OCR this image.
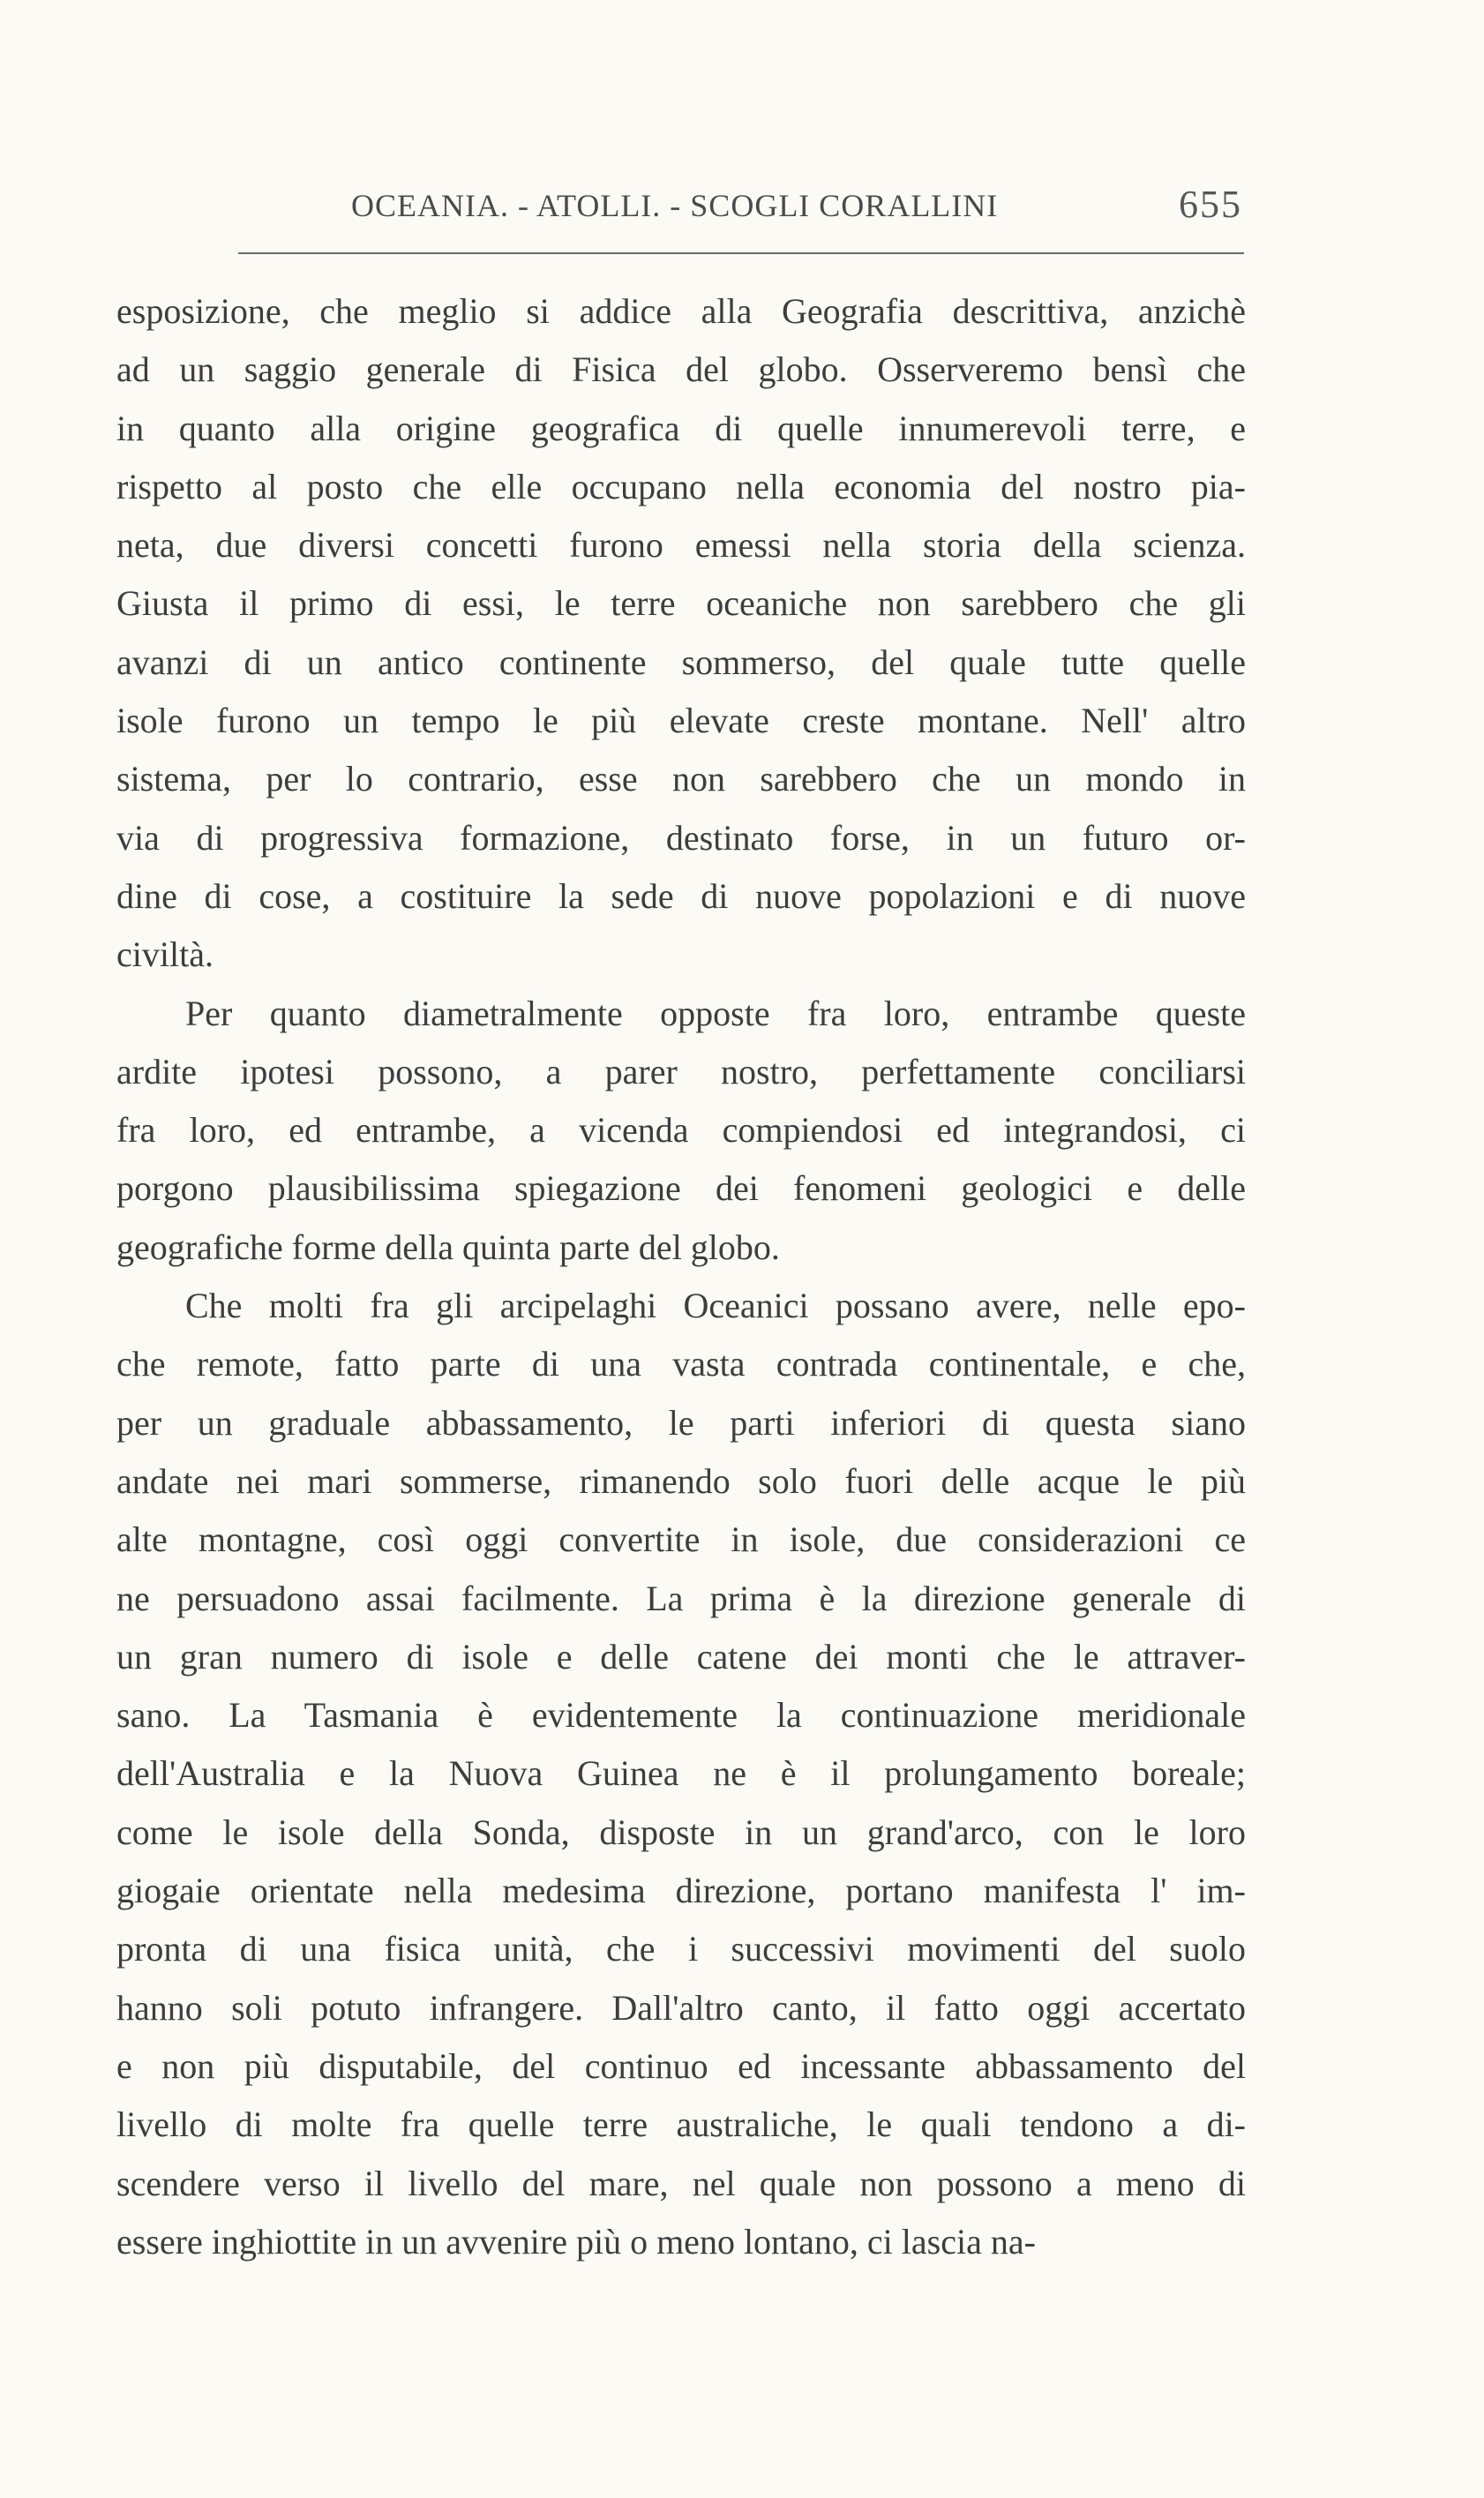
OCEANIA. - ATOLLI. - SCOGLI CORALLINI	655
esposizione, che meglio si addice alla Geografia descrittiva, anzichè
ad un saggio generale di Fisica del globo. Osserveremo bensì che
in quanto alla origine geografica di quelle innumerevoli terre, e
rispetto al posto che elle occupano nella economia del nostro pia-
neta, due diversi concetti furono emessi nella storia della scienza.
Giusta il primo di essi, le terre oceaniche non sarebbero che gli
avanzi di un antico continente sommerso, del quale tutte quelle
isole furono un tempo le più elevate creste montane. Nell' altro
sistema, per lo contrario, esse non sarebbero che un mondo in
via di progressiva formazione, destinato forse, in un futuro or-
dine di cose, a costituire la sede di nuove popolazioni e di nuove
civiltà.
Per quanto diametralmente opposte fra loro, entrambe queste
ardite ipotesi possono, a parer nostro, perfettamente conciliarsi
fra loro, ed entrambe, a vicenda compiendosi ed integrandosi, ci
porgono plausibilissima spiegazione dei fenomeni geologici e delle
geografiche forme della quinta parte del globo.
Che molti fra gli arcipelaghi Oceanici possano avere, nelle epo-
che remote, fatto parte di una vasta contrada continentale, e che,
per un graduale abbassamento, le parti inferiori di questa siano
andate nei mari sommerse, rimanendo solo fuori delle acque le più
alte montagne, così oggi convertite in isole, due considerazioni ce
ne persuadono assai facilmente. La prima è la direzione generale di
un gran numero di isole e delle catene dei monti che le attraver-
sano. La Tasmania è evidentemente la continuazione meridionale
dell'Australia e la Nuova Guinea ne è il prolungamento boreale;
come le isole della Sonda, disposte in un grand'arco, con le loro
giogaie orientate nella medesima direzione, portano manifesta l' im-
pronta di una fisica unità, che i successivi movimenti del suolo
hanno soli potuto infrangere. Dall'altro canto, il fatto oggi accertato
e non più disputabile, del continuo ed incessante abbassamento del
livello di molte fra quelle terre australiche, le quali tendono a di-
scendere verso il livello del mare, nel quale non possono a meno di
essere inghiottite in un avvenire più o meno lontano, ci lascia na-
